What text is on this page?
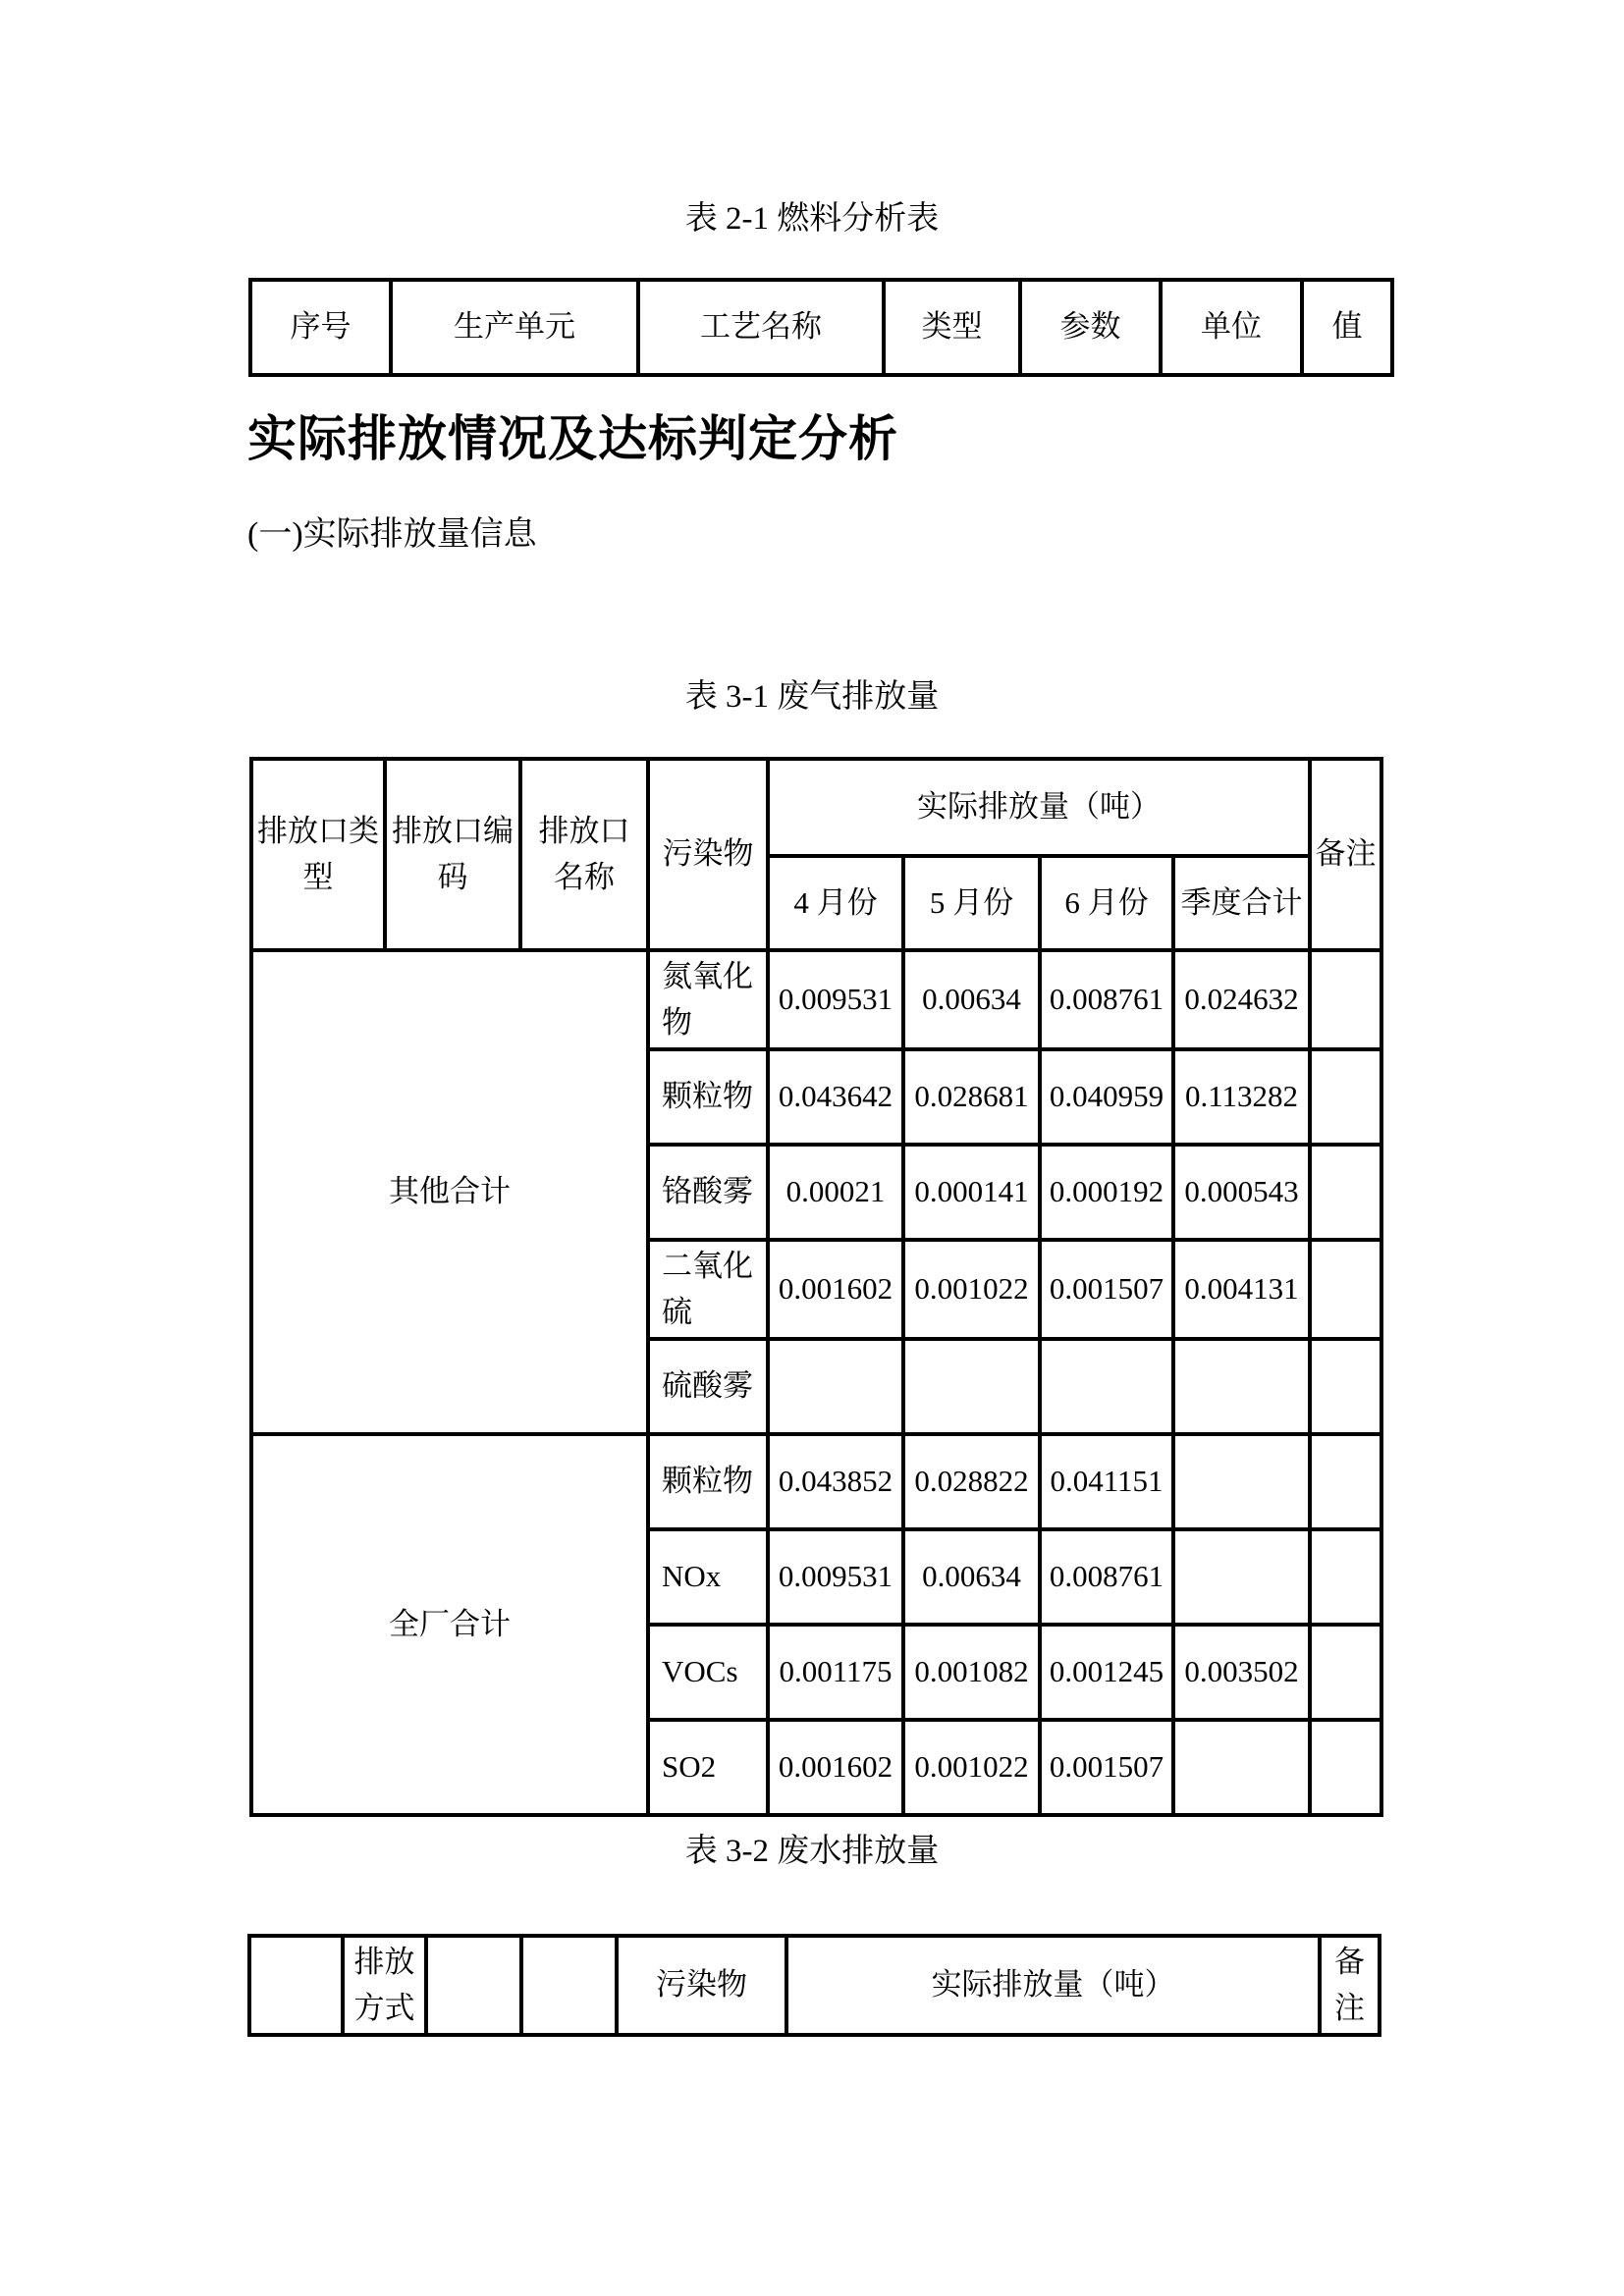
表 2-1 燃料分析表
序号	生产单元	工艺名称	类型	参数	单位	值
实际排放情况及达标判定分析
(一)实际排放量信息
表 3-1 废气排放量
排放口类型	排放口编码	排放口名称	污染物	实际排放量（吨）				备注
				4 月份	5 月份	6 月份	季度合计	
其他合计			氮氧化物	0.009531	0.00634	0.008761	0.024632	
			颗粒物	0.043642	0.028681	0.040959	0.113282	
			铬酸雾	0.00021	0.000141	0.000192	0.000543	
			二氧化硫	0.001602	0.001022	0.001507	0.004131	
			硫酸雾					
全厂合计			颗粒物	0.043852	0.028822	0.041151		
			NOx	0.009531	0.00634	0.008761		
			VOCs	0.001175	0.001082	0.001245	0.003502	
			SO2	0.001602	0.001022	0.001507		
表 3-2 废水排放量
	排放方式			污染物	实际排放量（吨）	备注
